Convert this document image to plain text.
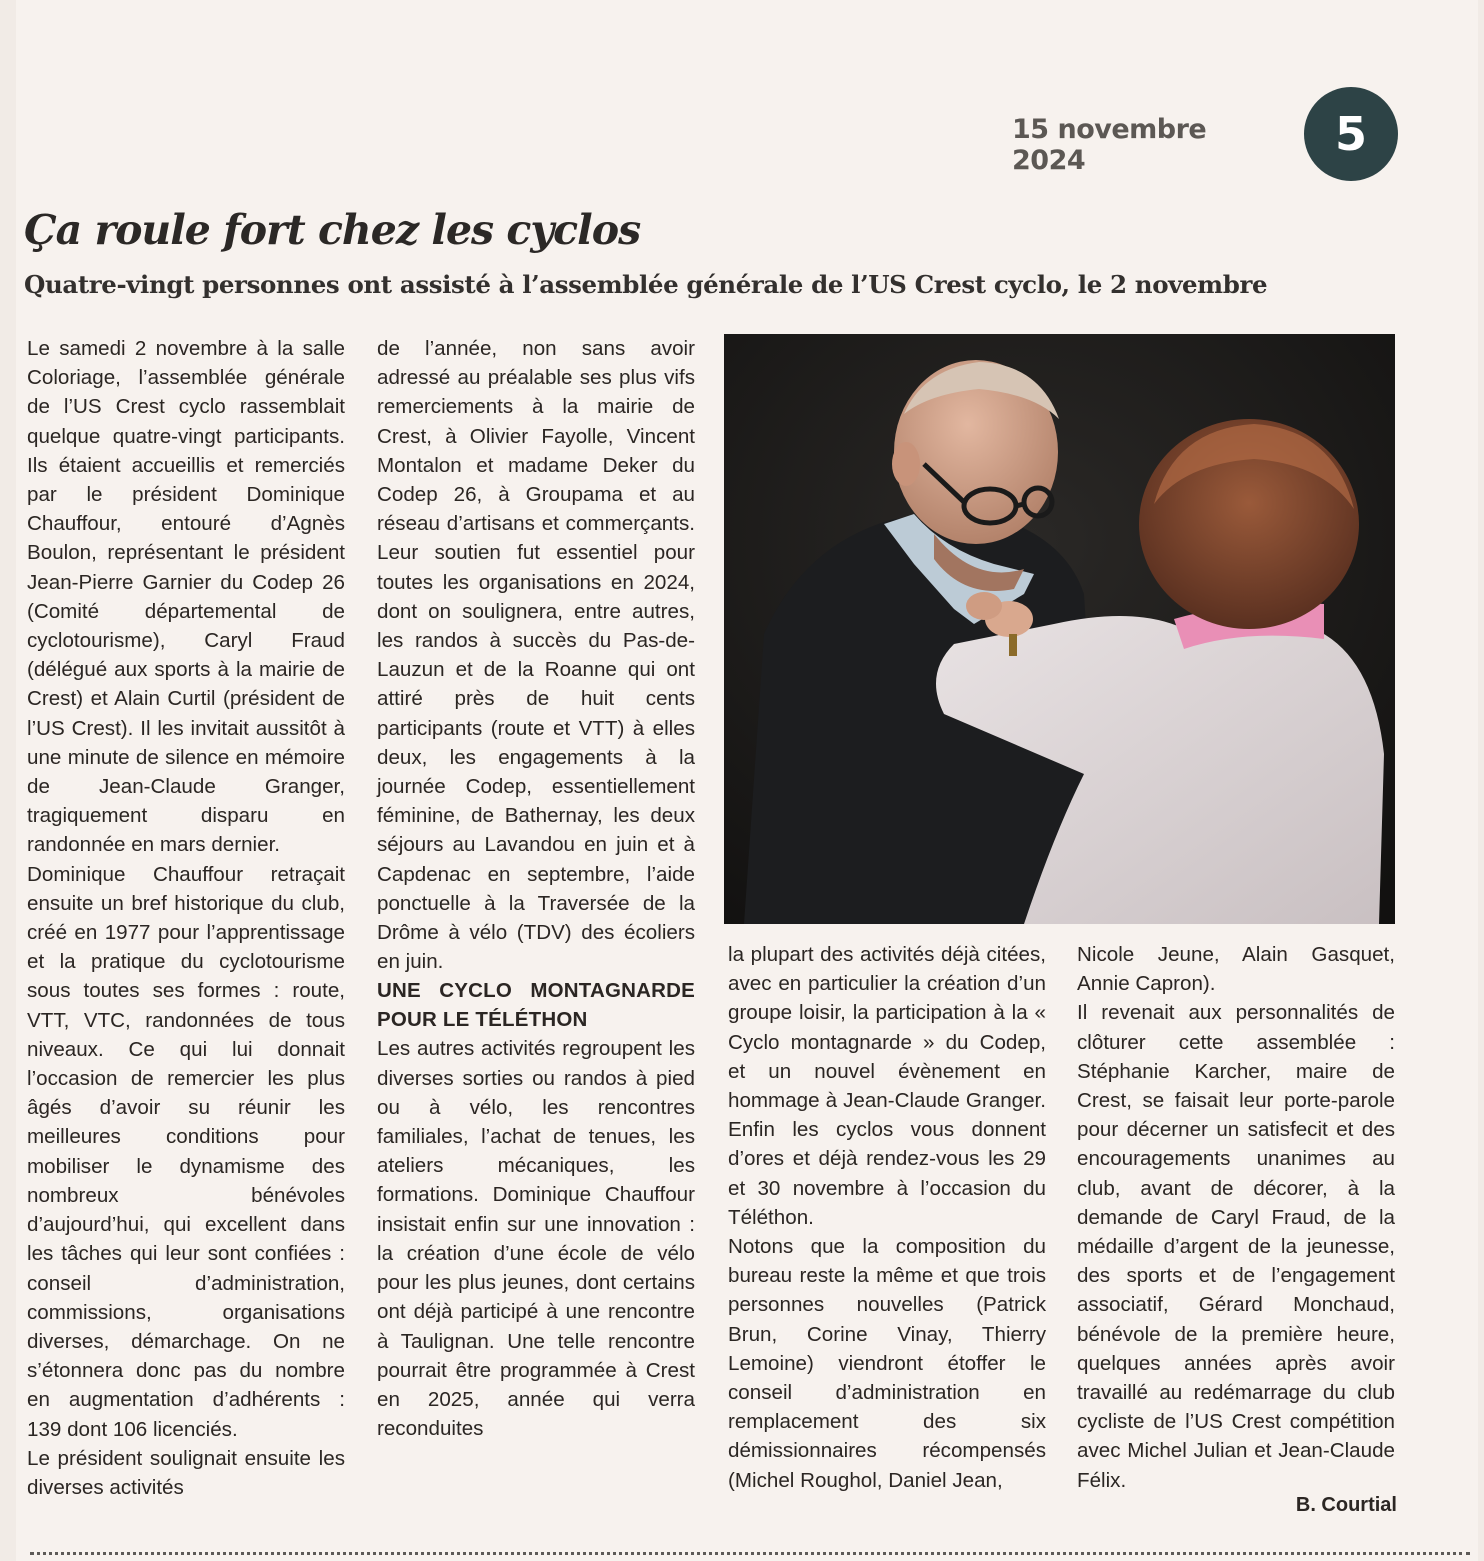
15 novembre 2024	5
Ça roule fort chez les cyclos
Quatre-vingt personnes ont assisté à l’assemblée générale de l’US Crest cyclo, le 2 novembre

Le samedi 2 novembre à la salle Coloriage, l’assemblée générale de l’US Crest cyclo rassemblait quelque quatre-vingt participants. Ils étaient accueillis et remerciés par le président Dominique Chauffour, entouré d’Agnès Boulon, représentant le président Jean-Pierre Garnier du Codep 26 (Comité départemental de cyclotourisme), Caryl Fraud (délégué aux sports à la mairie de Crest) et Alain Curtil (président de l’US Crest). Il les invitait aussitôt à une minute de silence en mémoire de Jean-Claude Granger, tragiquement disparu en randonnée en mars dernier.

Dominique Chauffour retraçait ensuite un bref historique du club, créé en 1977 pour l’apprentissage et la pratique du cyclotourisme sous toutes ses formes : route, VTT, VTC, randonnées de tous niveaux. Ce qui lui donnait l’occasion de remercier les plus âgés d’avoir su réunir les meilleures conditions pour mobiliser le dynamisme des nombreux bénévoles d’aujourd’hui, qui excellent dans les tâches qui leur sont confiées : conseil d’administration, commissions, organisations diverses, démarchage. On ne s’étonnera donc pas du nombre en augmentation d’adhérents : 139 dont 106 licenciés.

Le président soulignait ensuite les diverses activités

de l’année, non sans avoir adressé au préalable ses plus vifs remerciements à la mairie de Crest, à Olivier Fayolle, Vincent Montalon et madame Deker du Codep 26, à Groupama et au réseau d’artisans et commerçants. Leur soutien fut essentiel pour toutes les organisations en 2024, dont on soulignera, entre autres, les randos à succès du Pas-de-Lauzun et de la Roanne qui ont attiré près de huit cents participants (route et VTT) à elles deux, les engagements à la journée Codep, essentiellement féminine, de Bathernay, les deux séjours au Lavandou en juin et à Capdenac en septembre, l’aide ponctuelle à la Traversée de la Drôme à vélo (TDV) des écoliers en juin.

UNE CYCLO MONTAGNARDE POUR LE TÉLÉTHON

Les autres activités regroupent les diverses sorties ou randos à pied ou à vélo, les rencontres familiales, l’achat de tenues, les ateliers mécaniques, les formations. Dominique Chauffour insistait enfin sur une innovation : la création d’une école de vélo pour les plus jeunes, dont certains ont déjà participé à une rencontre à Taulignan. Une telle rencontre pourrait être programmée à Crest en 2025, année qui verra reconduites

la plupart des activités déjà citées, avec en particulier la création d’un groupe loisir, la participation à la « Cyclo montagnarde » du Codep, et un nouvel évènement en hommage à Jean-Claude Granger. Enfin les cyclos vous donnent d’ores et déjà rendez-vous les 29 et 30 novembre à l’occasion du Téléthon.

Notons que la composition du bureau reste la même et que trois personnes nouvelles (Patrick Brun, Corine Vinay, Thierry Lemoine) viendront étoffer le conseil d’administration en remplacement des six démissionnaires récompensés (Michel Roughol, Daniel Jean,

Nicole Jeune, Alain Gasquet, Annie Capron).

Il revenait aux personnalités de clôturer cette assemblée : Stéphanie Karcher, maire de Crest, se faisait leur porte-parole pour décerner un satisfecit et des encouragements unanimes au club, avant de décorer, à la demande de Caryl Fraud, de la médaille d’argent de la jeunesse, des sports et de l’engagement associatif, Gérard Monchaud, bénévole de la première heure, quelques années après avoir travaillé au redémarrage du club cycliste de l’US Crest compétition avec Michel Julian et Jean-Claude Félix.

B. Courtial
